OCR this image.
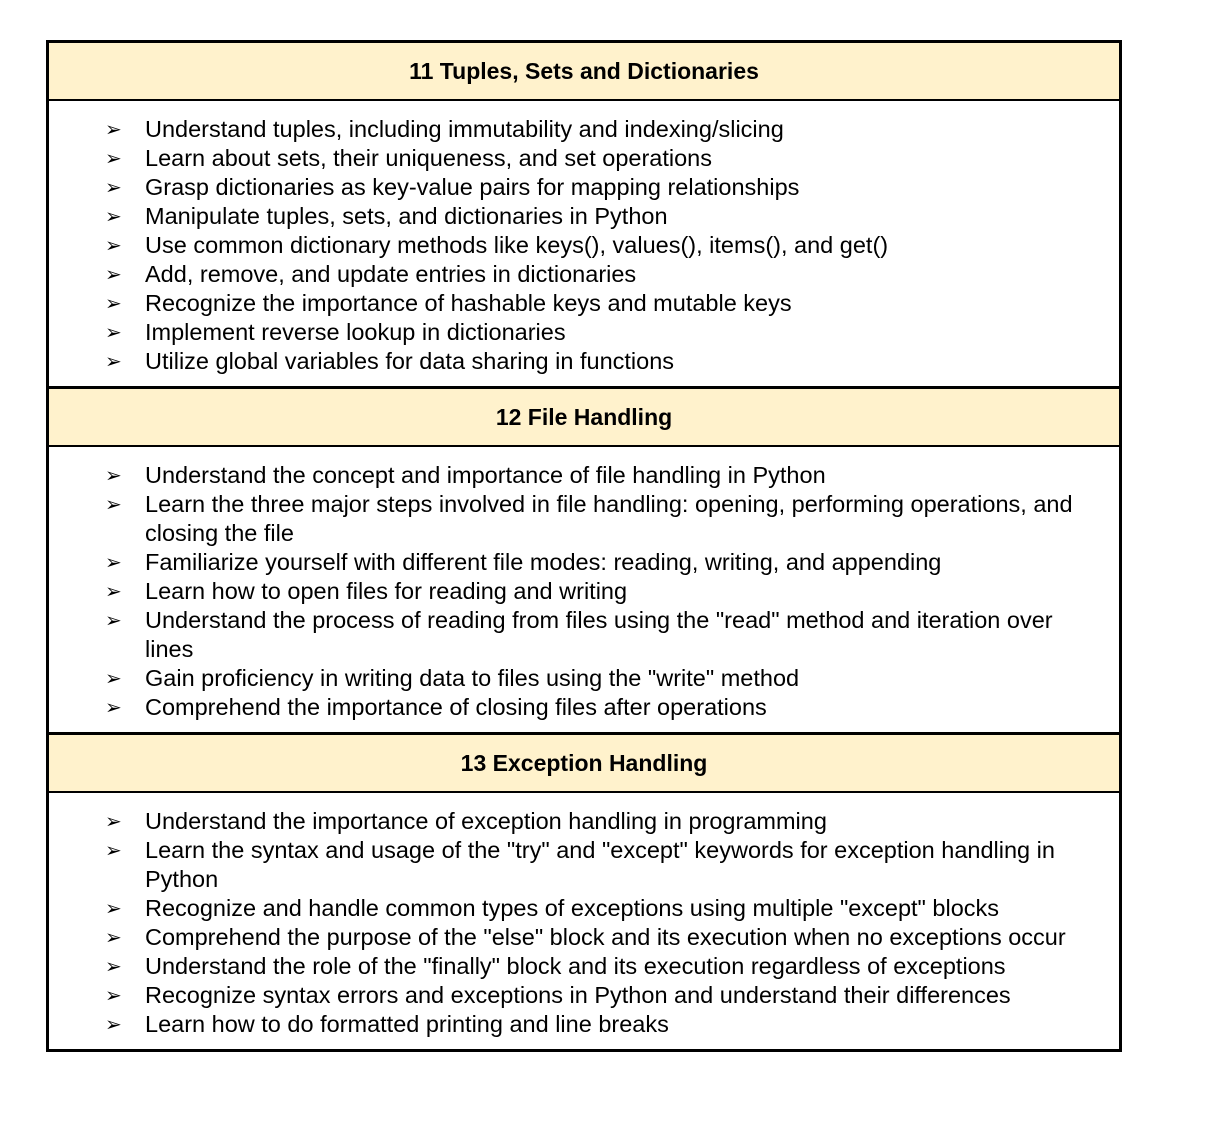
11 Tuples, Sets and Dictionaries
➢ Understand tuples, including immutability and indexing/slicing
➢ Learn about sets, their uniqueness, and set operations
➢ Grasp dictionaries as key-value pairs for mapping relationships
➢ Manipulate tuples, sets, and dictionaries in Python
➢ Use common dictionary methods like keys(), values(), items(), and get()
➢ Add, remove, and update entries in dictionaries
➢ Recognize the importance of hashable keys and mutable keys
➢ Implement reverse lookup in dictionaries
➢ Utilize global variables for data sharing in functions
12 File Handling
➢ Understand the concept and importance of file handling in Python
➢ Learn the three major steps involved in file handling: opening, performing operations, and closing the file
➢ Familiarize yourself with different file modes: reading, writing, and appending
➢ Learn how to open files for reading and writing
➢ Understand the process of reading from files using the "read" method and iteration over lines
➢ Gain proficiency in writing data to files using the "write" method
➢ Comprehend the importance of closing files after operations
13 Exception Handling
➢ Understand the importance of exception handling in programming
➢ Learn the syntax and usage of the "try" and "except" keywords for exception handling in Python
➢ Recognize and handle common types of exceptions using multiple "except" blocks
➢ Comprehend the purpose of the "else" block and its execution when no exceptions occur
➢ Understand the role of the "finally" block and its execution regardless of exceptions
➢ Recognize syntax errors and exceptions in Python and understand their differences
➢ Learn how to do formatted printing and line breaks
